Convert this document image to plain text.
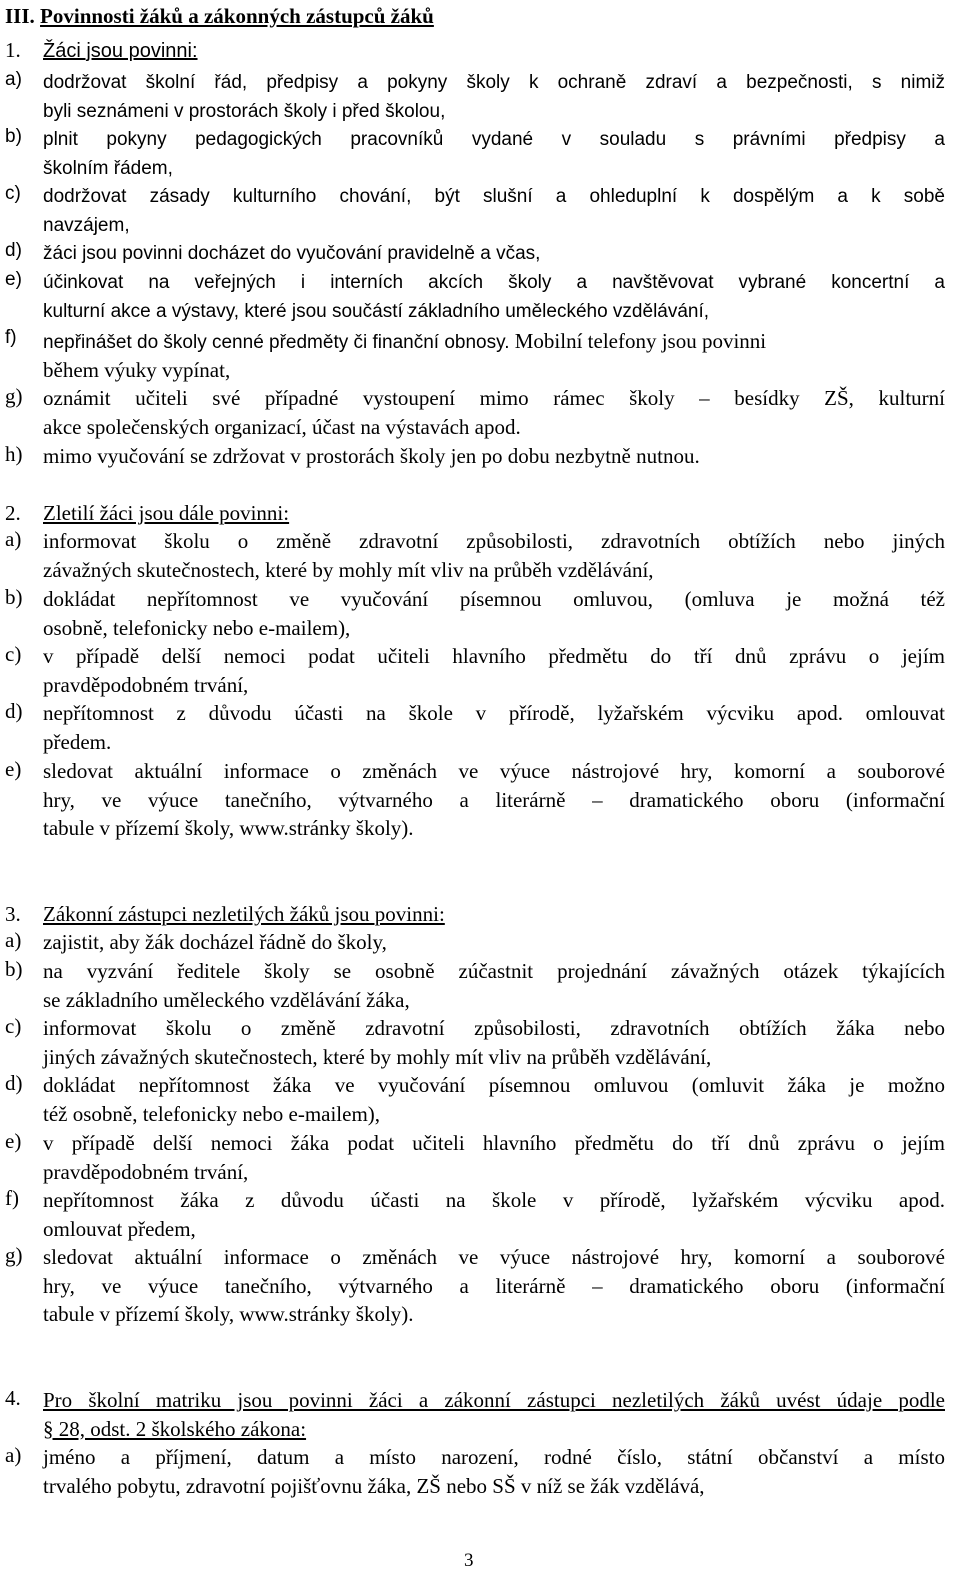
III. Povinnosti žáků a zákonných zástupců žáků
1. Žáci jsou povinni:
a) dodržovat školní řád, předpisy a pokyny školy k ochraně zdraví a bezpečnosti, s nimiž
byli seznámeni v prostorách školy i před školou,
b) plnit pokyny pedagogických pracovníků vydané v souladu s právními předpisy a
školním řádem,
c) dodržovat zásady kulturního chování, být slušní a ohleduplní k dospělým a k sobě
navzájem,
d) žáci jsou povinni docházet do vyučování pravidelně a včas,
e) účinkovat na veřejných i interních akcích školy a navštěvovat vybrané koncertní a
kulturní akce a výstavy, které jsou součástí základního uměleckého vzdělávání,
f) nepřinášet do školy cenné předměty či finanční obnosy. Mobilní telefony jsou povinni
během výuky vypínat,
g) oznámit učiteli své případné vystoupení mimo rámec školy – besídky ZŠ, kulturní
akce společenských organizací, účast na výstavách apod.
h) mimo vyučování se zdržovat v prostorách školy jen po dobu nezbytně nutnou.
2. Zletilí žáci jsou dále povinni:
a) informovat školu o změně zdravotní způsobilosti, zdravotních obtížích nebo jiných
závažných skutečnostech, které by mohly mít vliv na průběh vzdělávání,
b) dokládat nepřítomnost ve vyučování písemnou omluvou, (omluva je možná též
osobně, telefonicky nebo e-mailem),
c) v případě delší nemoci podat učiteli hlavního předmětu do tří dnů zprávu o jejím
pravděpodobném trvání,
d) nepřítomnost z důvodu účasti na škole v přírodě, lyžařském výcviku apod. omlouvat
předem.
e) sledovat aktuální informace o změnách ve výuce nástrojové hry, komorní a souborové
hry, ve výuce tanečního, výtvarného a literárně – dramatického oboru (informační
tabule v přízemí školy, www.stránky školy).
3. Zákonní zástupci nezletilých žáků jsou povinni:
a) zajistit, aby žák docházel řádně do školy,
b) na vyzvání ředitele školy se osobně zúčastnit projednání závažných otázek týkajících
se základního uměleckého vzdělávání žáka,
c) informovat školu o změně zdravotní způsobilosti, zdravotních obtížích žáka nebo
jiných závažných skutečnostech, které by mohly mít vliv na průběh vzdělávání,
d) dokládat nepřítomnost žáka ve vyučování písemnou omluvou (omluvit žáka je možno
též osobně, telefonicky nebo e-mailem),
e) v případě delší nemoci žáka podat učiteli hlavního předmětu do tří dnů zprávu o jejím
pravděpodobném trvání,
f) nepřítomnost žáka z důvodu účasti na škole v přírodě, lyžařském výcviku apod.
omlouvat předem,
g) sledovat aktuální informace o změnách ve výuce nástrojové hry, komorní a souborové
hry, ve výuce tanečního, výtvarného a literárně – dramatického oboru (informační
tabule v přízemí školy, www.stránky školy).
4. Pro školní matriku jsou povinni žáci a zákonní zástupci nezletilých žáků uvést údaje podle
§ 28, odst. 2 školského zákona:
a) jméno a příjmení, datum a místo narození, rodné číslo, státní občanství a místo
trvalého pobytu, zdravotní pojišťovnu žáka, ZŠ nebo SŠ v níž se žák vzdělává,
3
